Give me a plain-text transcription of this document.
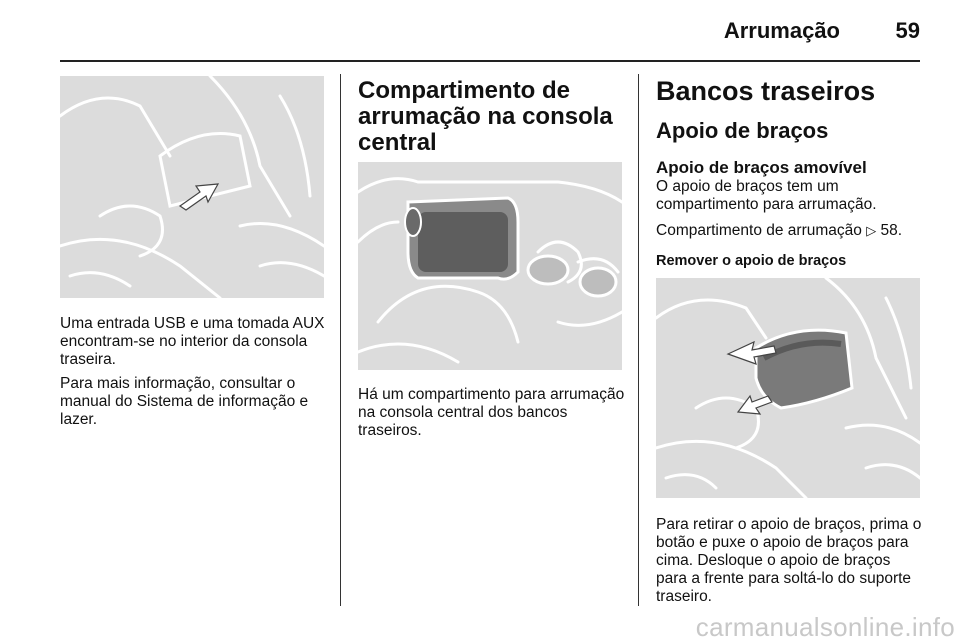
Arrumação	59

Uma entrada USB e uma tomada AUX encontram-se no interior da consola traseira.

Para mais informação, consultar o manual do Sistema de informação e lazer.

Compartimento de arrumação na consola central

Há um compartimento para arrumação na consola central dos bancos traseiros.

Bancos traseiros
Apoio de braços
Apoio de braços amovível

O apoio de braços tem um compartimento para arrumação.

Compartimento de arrumação ▷ 58.

Remover o apoio de braços

Para retirar o apoio de braços, prima o botão e puxe o apoio de braços para cima. Desloque o apoio de braços para a frente para soltá-lo do suporte traseiro.

carmanualsonline.info
